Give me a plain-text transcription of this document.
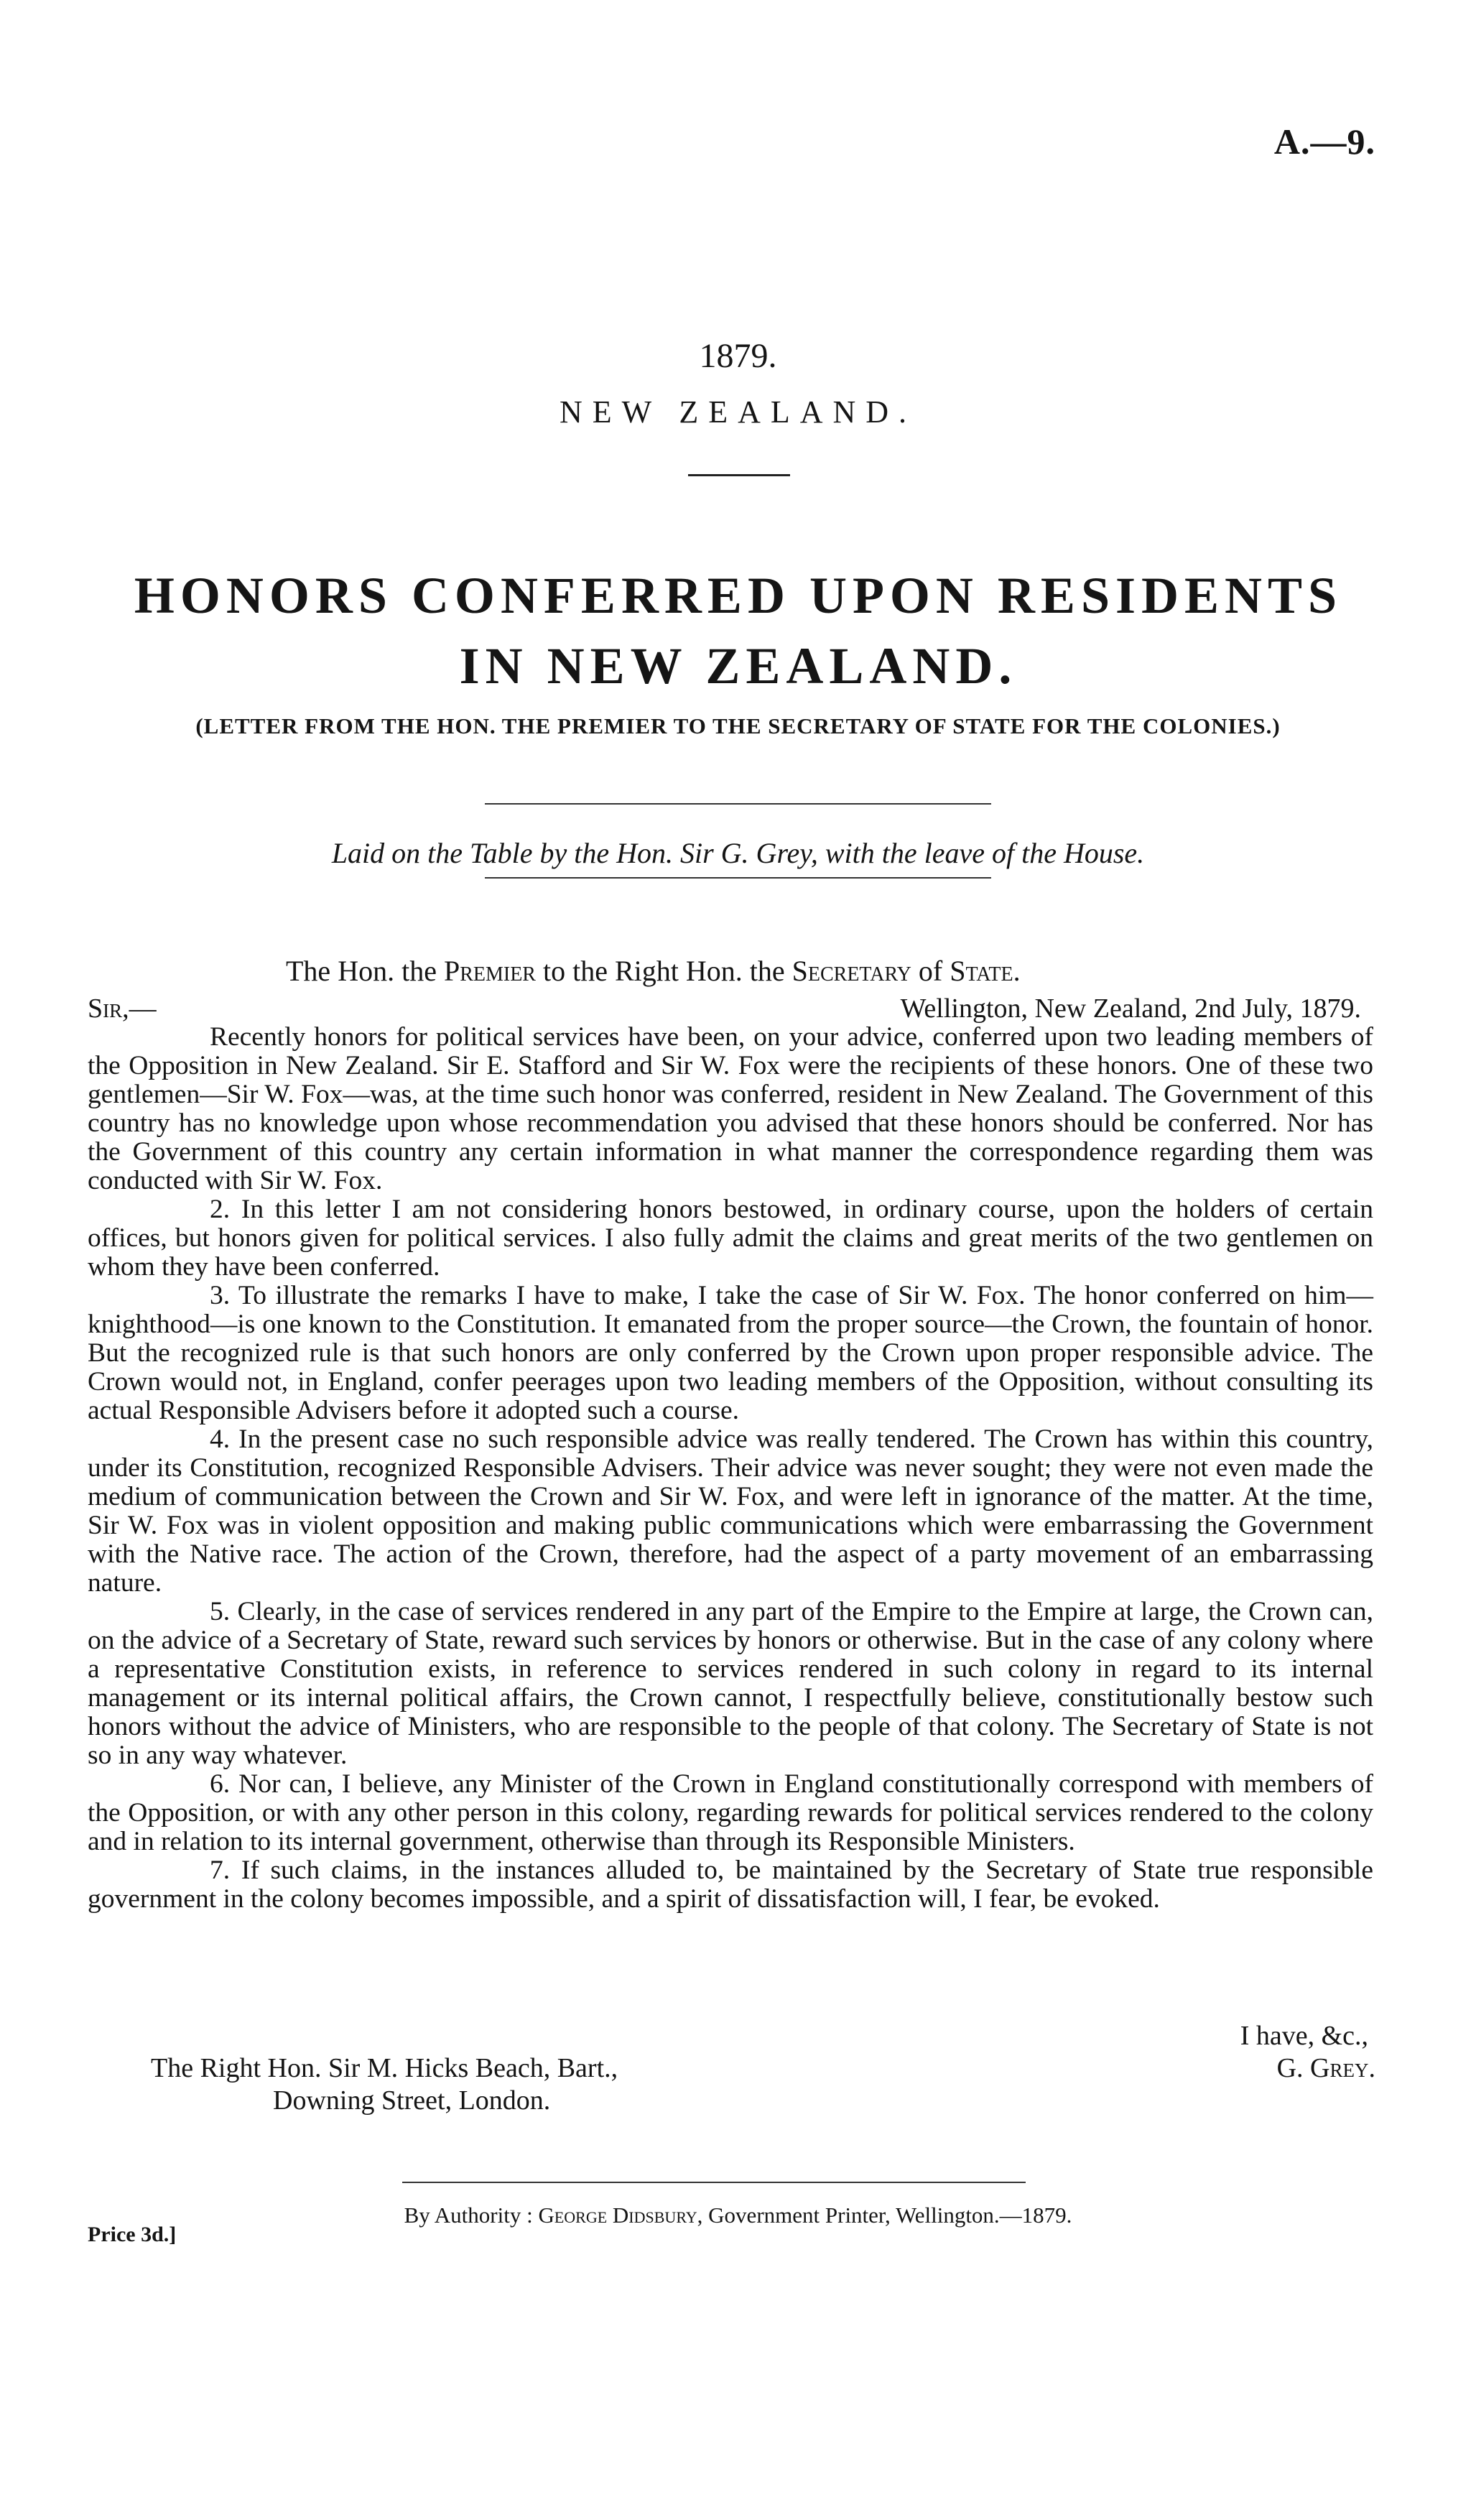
A.—9.
1879.
NEW ZEALAND.
HONORS CONFERRED UPON RESIDENTS IN NEW ZEALAND.
(LETTER FROM THE HON. THE PREMIER TO THE SECRETARY OF STATE FOR THE COLONIES.)
Laid on the Table by the Hon. Sir G. Grey, with the leave of the House.
The Hon. the Premier to the Right Hon. the Secretary of State.
Sir,—	Wellington, New Zealand, 2nd July, 1879.

Recently honors for political services have been, on your advice, conferred upon two leading members of the Opposition in New Zealand. Sir E. Stafford and Sir W. Fox were the recipients of these honors. One of these two gentlemen—Sir W. Fox—was, at the time such honor was conferred, resident in New Zealand. The Government of this country has no knowledge upon whose recommendation you advised that these honors should be conferred. Nor has the Government of this country any certain information in what manner the correspondence regarding them was conducted with Sir W. Fox.

2. In this letter I am not considering honors bestowed, in ordinary course, upon the holders of certain offices, but honors given for political services. I also fully admit the claims and great merits of the two gentlemen on whom they have been conferred.

3. To illustrate the remarks I have to make, I take the case of Sir W. Fox. The honor conferred on him—knighthood—is one known to the Constitution. It emanated from the proper source—the Crown, the fountain of honor. But the recognized rule is that such honors are only conferred by the Crown upon proper responsible advice. The Crown would not, in England, confer peerages upon two leading members of the Opposition, without consulting its actual Responsible Advisers before it adopted such a course.

4. In the present case no such responsible advice was really tendered. The Crown has within this country, under its Constitution, recognized Responsible Advisers. Their advice was never sought; they were not even made the medium of communication between the Crown and Sir W. Fox, and were left in ignorance of the matter. At the time, Sir W. Fox was in violent opposition and making public communications which were embarrassing the Government with the Native race. The action of the Crown, therefore, had the aspect of a party movement of an embarrassing nature.

5. Clearly, in the case of services rendered in any part of the Empire to the Empire at large, the Crown can, on the advice of a Secretary of State, reward such services by honors or otherwise. But in the case of any colony where a representative Constitution exists, in reference to services rendered in such colony in regard to its internal management or its internal political affairs, the Crown cannot, I respectfully believe, constitutionally bestow such honors without the advice of Ministers, who are responsible to the people of that colony. The Secretary of State is not so in any way whatever.

6. Nor can, I believe, any Minister of the Crown in England constitutionally correspond with members of the Opposition, or with any other person in this colony, regarding rewards for political services rendered to the colony and in relation to its internal government, otherwise than through its Responsible Ministers.

7. If such claims, in the instances alluded to, be maintained by the Secretary of State true responsible government in the colony becomes impossible, and a spirit of dissatisfaction will, I fear, be evoked.

I have, &c.,
G. Grey.
The Right Hon. Sir M. Hicks Beach, Bart.,
Downing Street, London.
By Authority : George Didsbury, Government Printer, Wellington.—1879.
Price 3d.]
